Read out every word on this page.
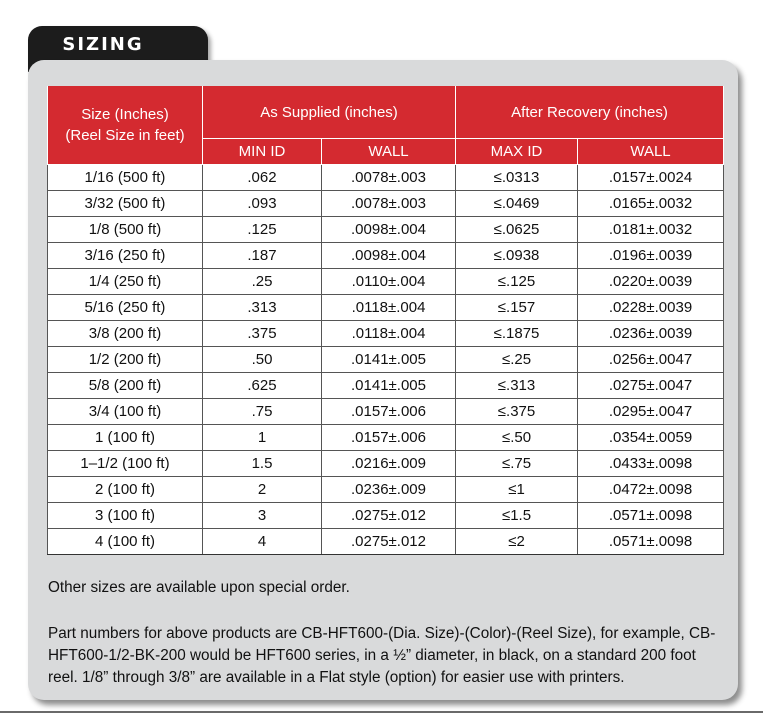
SIZING
Size (Inches)
(Reel Size in feet)	As Supplied (inches)		After Recovery (inches)	
	MIN ID	WALL	MAX ID	WALL
1/16 (500 ft)	.062	.0078±.003	≤.0313	.0157±.0024
3/32 (500 ft)	.093	.0078±.003	≤.0469	.0165±.0032
1/8 (500 ft)	.125	.0098±.004	≤.0625	.0181±.0032
3/16 (250 ft)	.187	.0098±.004	≤.0938	.0196±.0039
1/4 (250 ft)	.25	.0110±.004	≤.125	.0220±.0039
5/16 (250 ft)	.313	.0118±.004	≤.157	.0228±.0039
3/8 (200 ft)	.375	.0118±.004	≤.1875	.0236±.0039
1/2 (200 ft)	.50	.0141±.005	≤.25	.0256±.0047
5/8 (200 ft)	.625	.0141±.005	≤.313	.0275±.0047
3/4 (100 ft)	.75	.0157±.006	≤.375	.0295±.0047
1 (100 ft)	1	.0157±.006	≤.50	.0354±.0059
1–1/2 (100 ft)	1.5	.0216±.009	≤.75	.0433±.0098
2 (100 ft)	2	.0236±.009	≤1	.0472±.0098
3 (100 ft)	3	.0275±.012	≤1.5	.0571±.0098
4 (100 ft)	4	.0275±.012	≤2	.0571±.0098
Other sizes are available upon special order.
Part numbers for above products are CB-HFT600-(Dia. Size)-(Color)-(Reel Size), for example, CB-HFT600-1/2-BK-200 would be HFT600 series, in a ½” diameter, in black, on a standard 200 foot reel. 1/8” through 3/8” are available in a Flat style (option) for easier use with printers.
